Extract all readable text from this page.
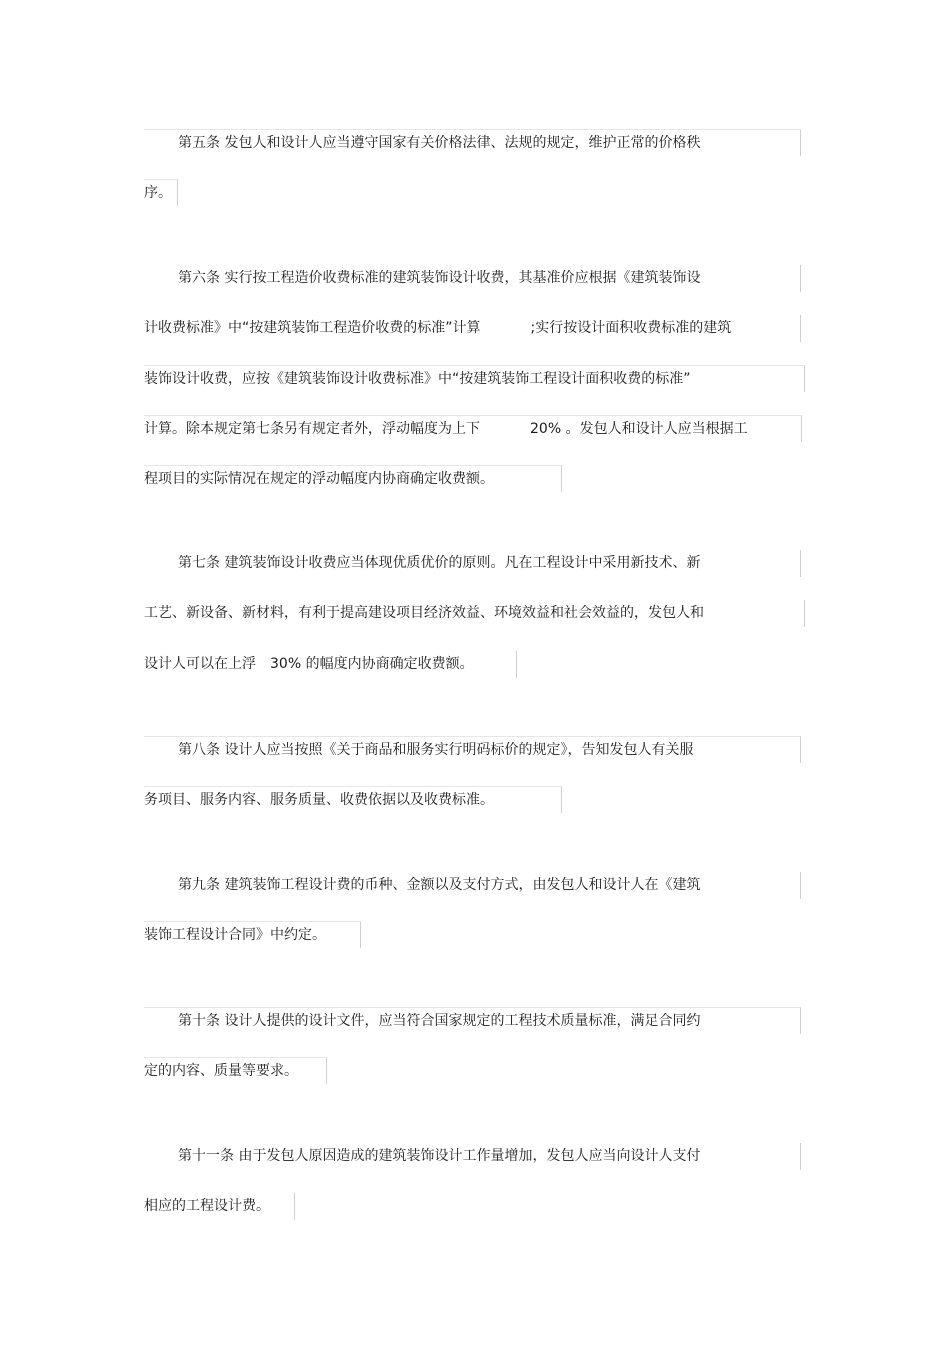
第五条 发包人和设计人应当遵守国家有关价格法律、法规的规定，维护正常的价格秩
序。
第六条 实行按工程造价收费标准的建筑装饰设计收费，其基准价应根据《建筑装饰设
计收费标准》中“按建筑装饰工程造价收费的标准”计算	;实行按设计面积收费标准的建筑
装饰设计收费，应按《建筑装饰设计收费标准》中“按建筑装饰工程设计面积收费的标准”
计算。除本规定第七条另有规定者外，浮动幅度为上下	20% 。发包人和设计人应当根据工
程项目的实际情况在规定的浮动幅度内协商确定收费额。
第七条 建筑装饰设计收费应当体现优质优价的原则。凡在工程设计中采用新技术、新
工艺、新设备、新材料，有利于提高建设项目经济效益、环境效益和社会效益的，发包人和
设计人可以在上浮 30% 的幅度内协商确定收费额。
第八条 设计人应当按照《关于商品和服务实行明码标价的规定》，告知发包人有关服
务项目、服务内容、服务质量、收费依据以及收费标准。
第九条 建筑装饰工程设计费的币种、金额以及支付方式，由发包人和设计人在《建筑
装饰工程设计合同》中约定。
第十条 设计人提供的设计文件，应当符合国家规定的工程技术质量标准，满足合同约
定的内容、质量等要求。
第十一条 由于发包人原因造成的建筑装饰设计工作量增加，发包人应当向设计人支付
相应的工程设计费。
